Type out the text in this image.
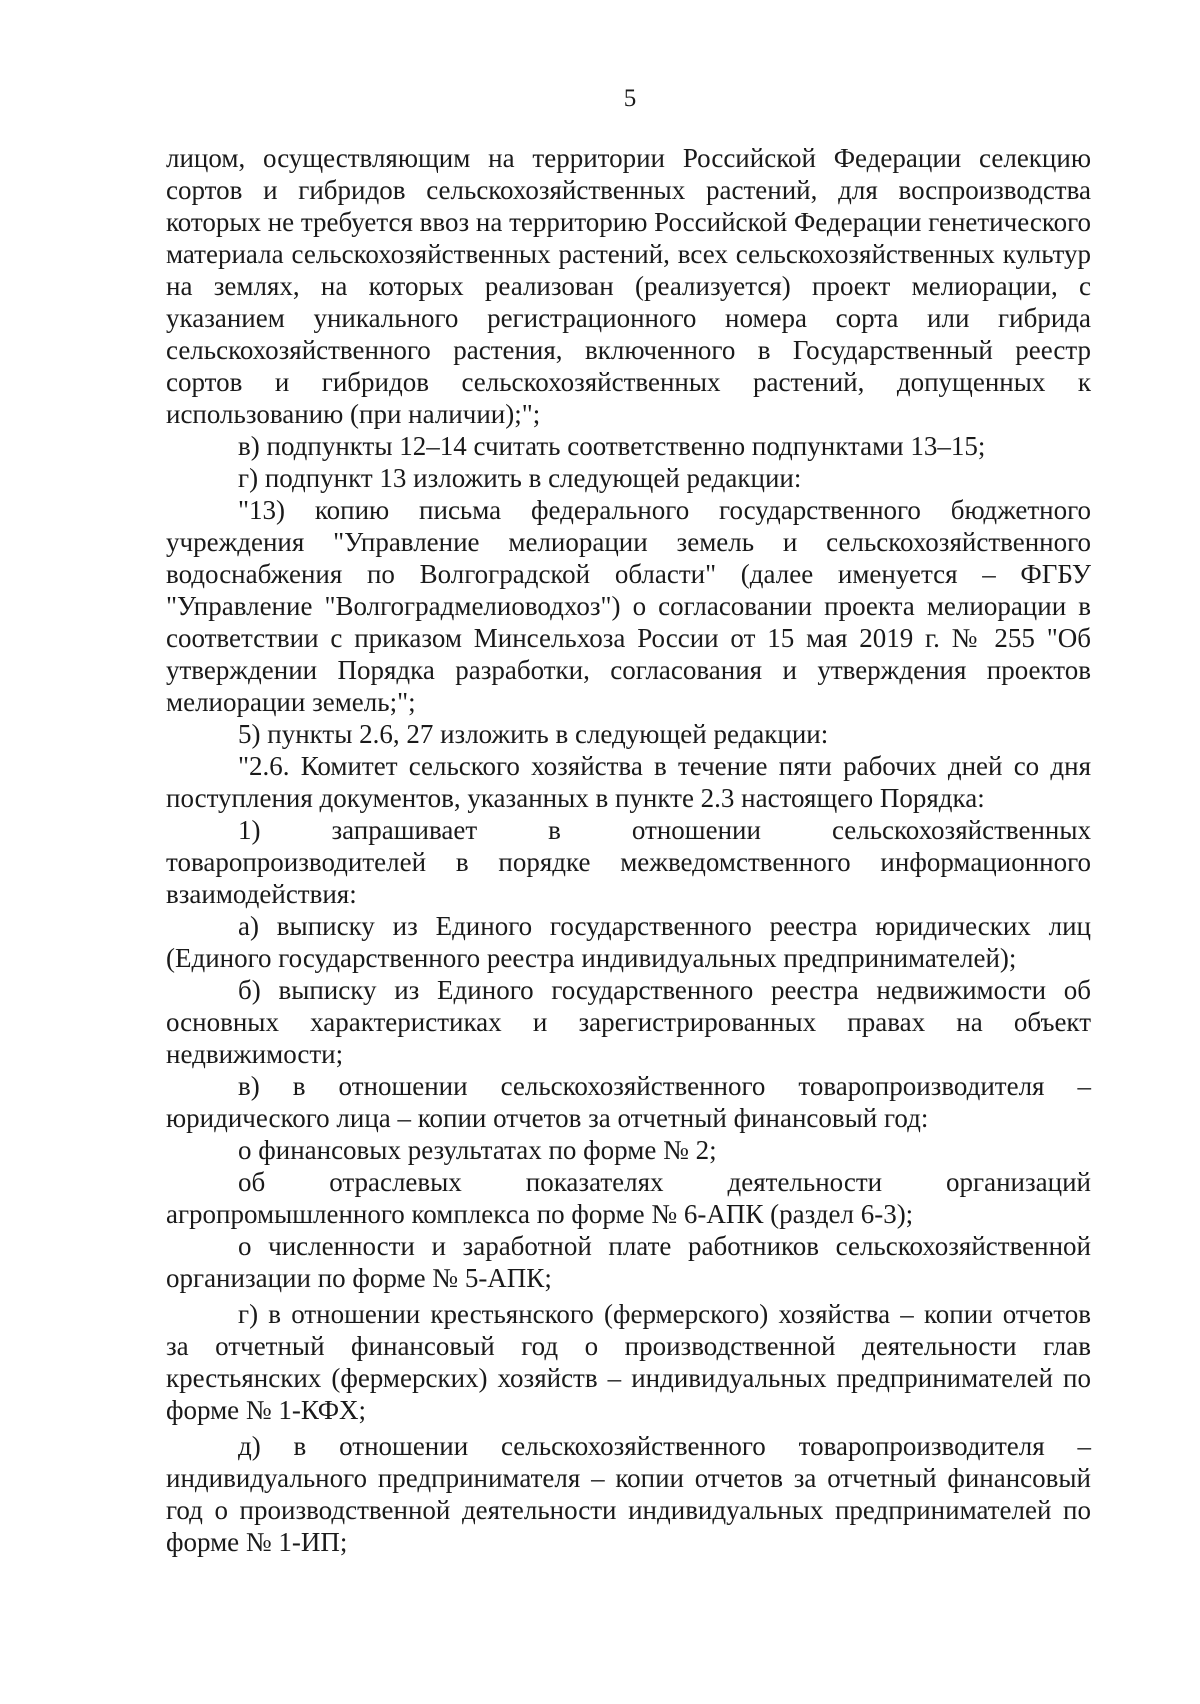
5

лицом, осуществляющим на территории Российской Федерации селекцию сортов и гибридов сельскохозяйственных растений, для воспроизводства которых не требуется ввоз на территорию Российской Федерации генетического материала сельскохозяйственных растений, всех сельскохозяйственных культур на землях, на которых реализован (реализуется) проект мелиорации, с указанием уникального регистрационного номера сорта или гибрида сельскохозяйственного растения, включенного в Государственный реестр сортов и гибридов сельскохозяйственных растений, допущенных к использованию (при наличии);";

в) подпункты 12–14 считать соответственно подпунктами 13–15;

г) подпункт 13 изложить в следующей редакции:

"13) копию письма федерального государственного бюджетного учреждения "Управление мелиорации земель и сельскохозяйственного водоснабжения по Волгоградской области" (далее именуется – ФГБУ "Управление "Волгоградмелиоводхоз") о согласовании проекта мелиорации в соответствии с приказом Минсельхоза России от 15 мая 2019 г. № 255 "Об утверждении Порядка разработки, согласования и утверждения проектов мелиорации земель;";

5) пункты 2.6, 27 изложить в следующей редакции:

"2.6. Комитет сельского хозяйства в течение пяти рабочих дней со дня поступления документов, указанных в пункте 2.3 настоящего Порядка:

1) запрашивает в отношении сельскохозяйственных товаропроизводителей в порядке межведомственного информационного взаимодействия:

а) выписку из Единого государственного реестра юридических лиц (Единого государственного реестра индивидуальных предпринимателей);

б) выписку из Единого государственного реестра недвижимости об основных характеристиках и зарегистрированных правах на объект недвижимости;

в) в отношении сельскохозяйственного товаропроизводителя – юридического лица – копии отчетов за отчетный финансовый год:

о финансовых результатах по форме № 2;

об отраслевых показателях деятельности организаций агропромышленного комплекса по форме № 6-АПК (раздел 6-3);

о численности и заработной плате работников сельскохозяйственной организации по форме № 5-АПК;

г) в отношении крестьянского (фермерского) хозяйства – копии отчетов за отчетный финансовый год о производственной деятельности глав крестьянских (фермерских) хозяйств – индивидуальных предпринимателей по форме № 1-КФХ;

д) в отношении сельскохозяйственного товаропроизводителя – индивидуального предпринимателя – копии отчетов за отчетный финансовый год о производственной деятельности индивидуальных предпринимателей по форме № 1-ИП;
